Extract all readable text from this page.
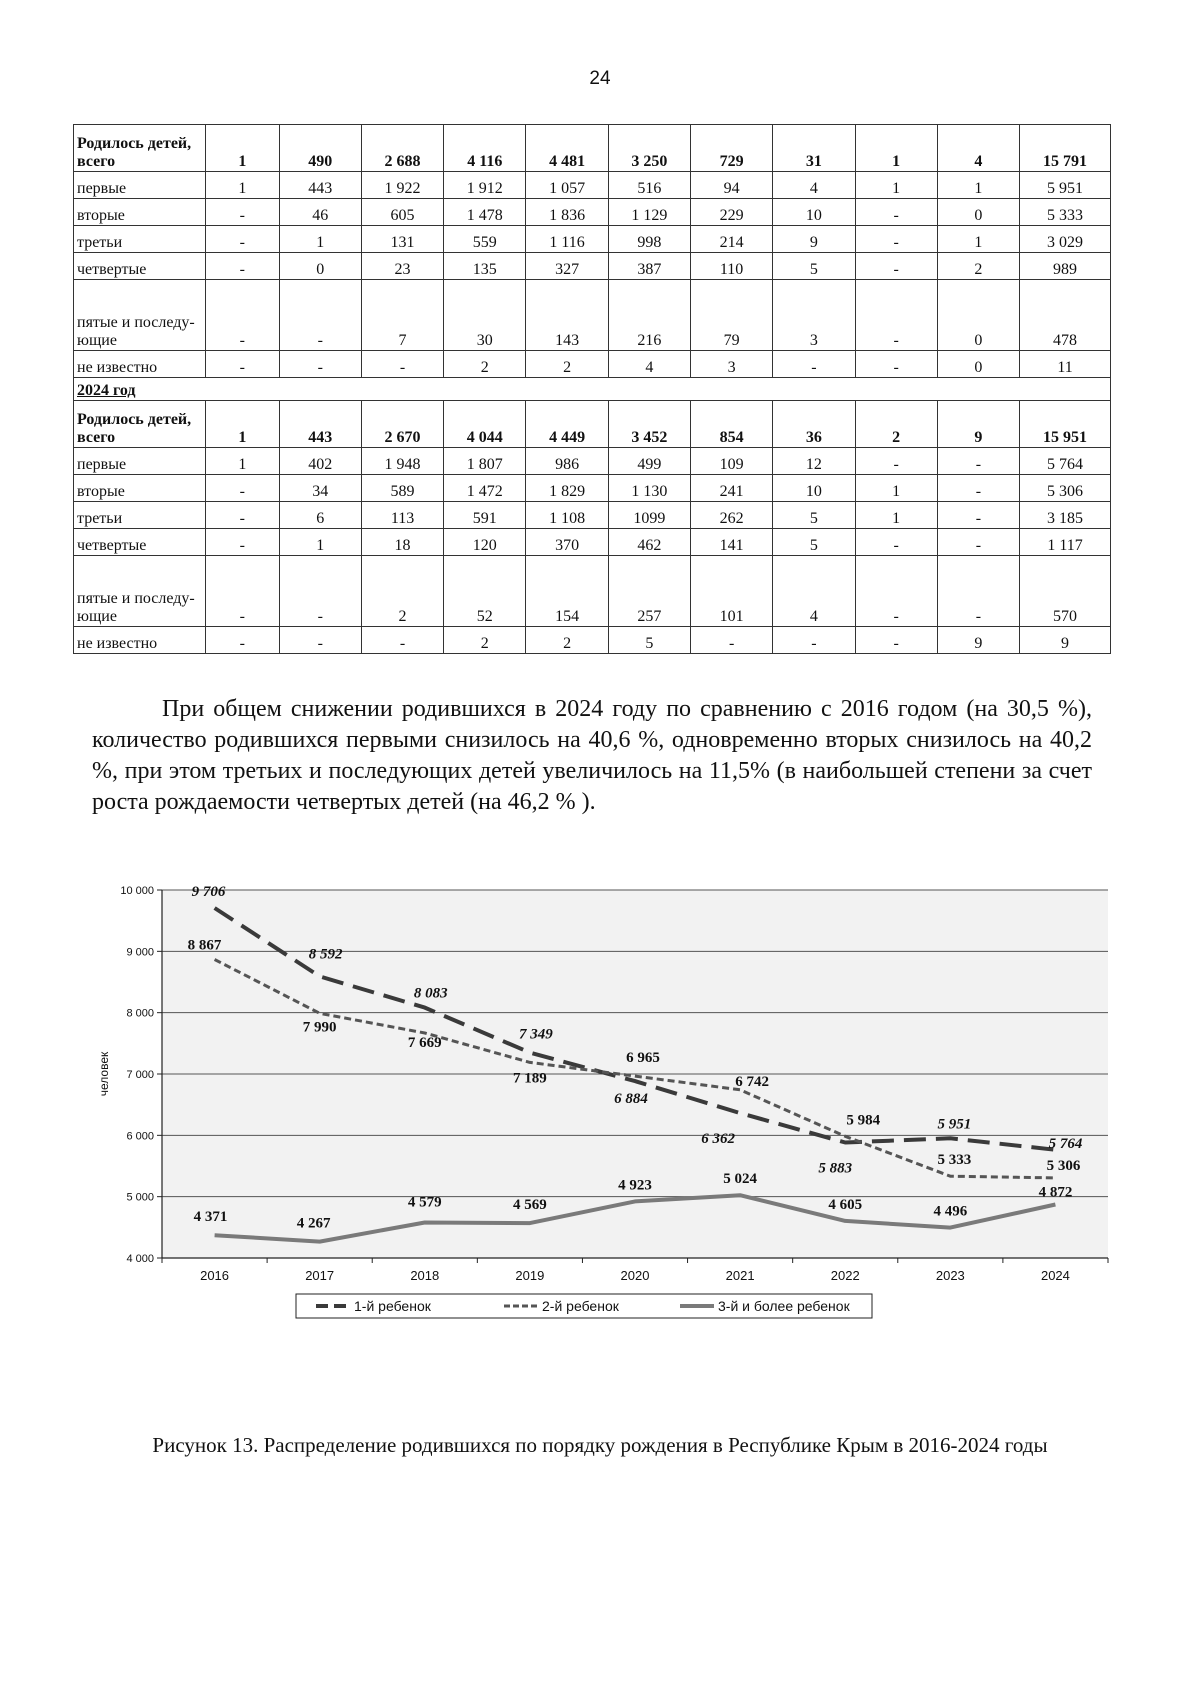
24
Родилось детей, всего	1	490	2 688	4 116	4 481	3 250	729	31	1	4	15 791
первые	1	443	1 922	1 912	1 057	516	94	4	1	1	5 951
вторые	-	46	605	1 478	1 836	1 129	229	10	-	0	5 333
третьи	-	1	131	559	1 116	998	214	9	-	1	3 029
четвертые	-	0	23	135	327	387	110	5	-	2	989
пятые и последу-ющие	-	-	7	30	143	216	79	3	-	0	478
не известно	-	-	-	2	2	4	3	-	-	0	11
2024 год											
Родилось детей, всего	1	443	2 670	4 044	4 449	3 452	854	36	2	9	15 951
первые	1	402	1 948	1 807	986	499	109	12	-	-	5 764
вторые	-	34	589	1 472	1 829	1 130	241	10	1	-	5 306
третьи	-	6	113	591	1 108	1099	262	5	1	-	3 185
четвертые	-	1	18	120	370	462	141	5	-	-	1 117
пятые и последу-ющие	-	-	2	52	154	257	101	4	-	-	570
не известно	-	-	-	2	2	5	-	-	-	9	9

При общем снижении родившихся в 2024 году по сравнению с 2016 годом (на 30,5 %), количество родившихся первыми снизилось на 40,6 %, одновременно вторых снизилось на 40,2 %, при этом третьих и последующих детей увеличилось на 11,5% (в наибольшей степени за счет роста рождаемости четвертых детей (на 46,2 % ).

4 000
5 000
6 000
7 000
8 000
9 000
10 000
2016	2017	2018	2019	2020	2021	2022	2023	2024
человек
9 706
8 592
8 083
7 349
6 884
6 362
5 883
5 951
5 764
8 867
7 990
7 669
7 189
6 965
6 742
5 984
5 333	5 306
4 371	4 267
4 579	4 569
4 923	5 024
4 605	4 496
4 872
1-й ребенок	2-й ребенок	3-й и более ребенок
Рисунок 13. Распределение родившихся по порядку рождения в Республике Крым в 2016-2024 годы
